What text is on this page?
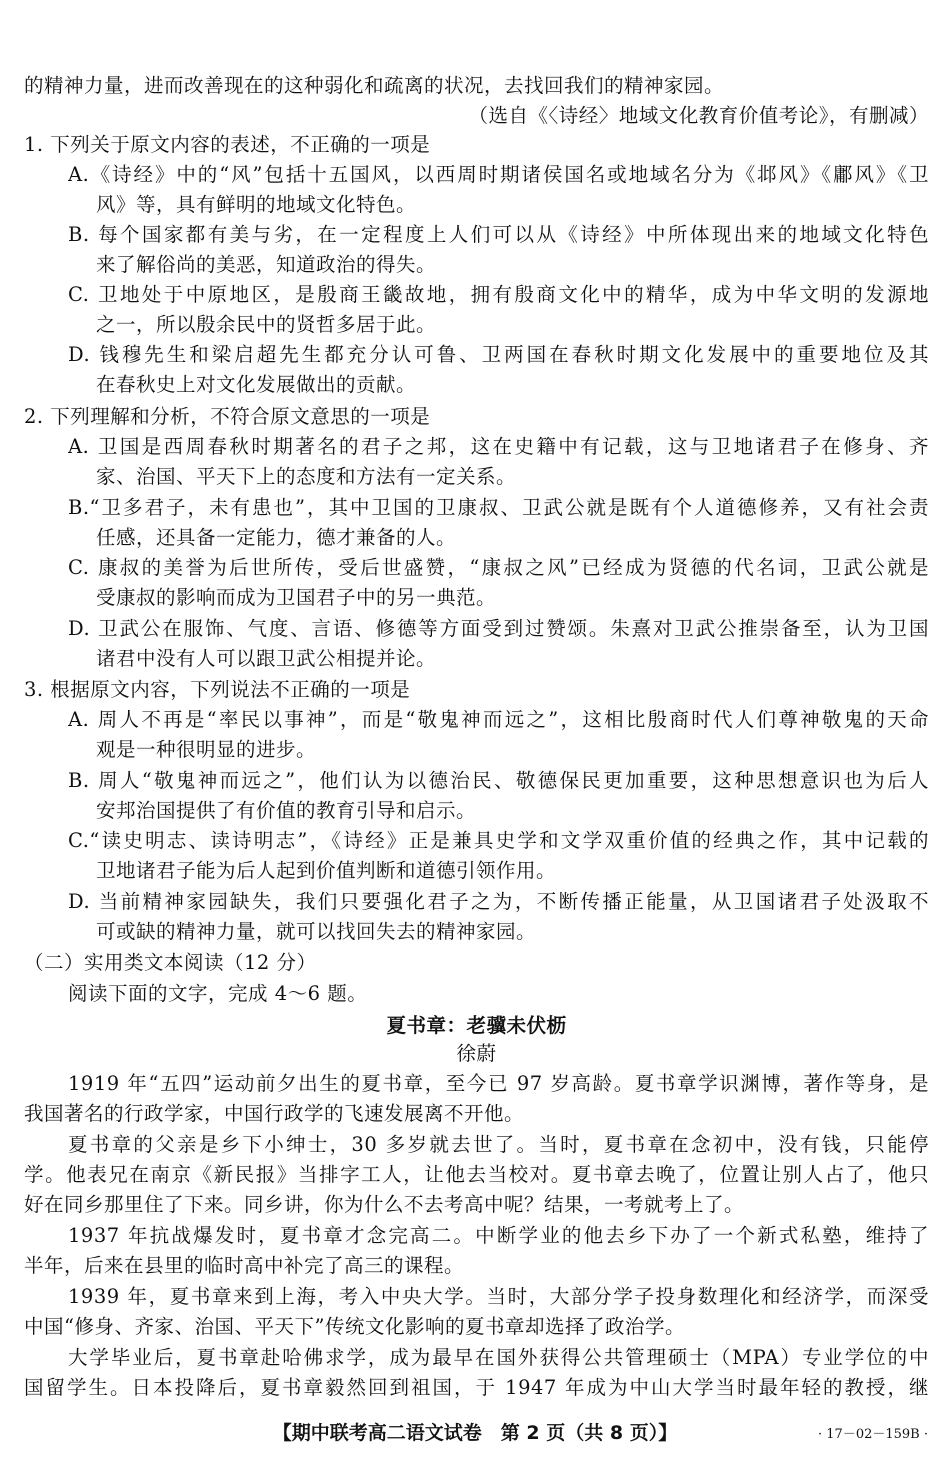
的精神力量，进而改善现在的这种弱化和疏离的状况，去找回我们的精神家园。
（选自《〈诗经〉地域文化教育价值考论》，有删减）
1. 下列关于原文内容的表述，不正确的一项是
A.《诗经》中的“风”包括十五国风，以西周时期诸侯国名或地域名分为《邶风》《鄘风》《卫
风》等，具有鲜明的地域文化特色。
B. 每个国家都有美与劣，在一定程度上人们可以从《诗经》中所体现出来的地域文化特色
来了解俗尚的美恶，知道政治的得失。
C. 卫地处于中原地区，是殷商王畿故地，拥有殷商文化中的精华，成为中华文明的发源地
之一，所以殷余民中的贤哲多居于此。
D. 钱穆先生和梁启超先生都充分认可鲁、卫两国在春秋时期文化发展中的重要地位及其
在春秋史上对文化发展做出的贡献。
2. 下列理解和分析，不符合原文意思的一项是
A. 卫国是西周春秋时期著名的君子之邦，这在史籍中有记载，这与卫地诸君子在修身、齐
家、治国、平天下上的态度和方法有一定关系。
B.“卫多君子，未有患也”，其中卫国的卫康叔、卫武公就是既有个人道德修养，又有社会责
任感，还具备一定能力，德才兼备的人。
C. 康叔的美誉为后世所传，受后世盛赞，“康叔之风”已经成为贤德的代名词，卫武公就是
受康叔的影响而成为卫国君子中的另一典范。
D. 卫武公在服饰、气度、言语、修德等方面受到过赞颂。朱熹对卫武公推崇备至，认为卫国
诸君中没有人可以跟卫武公相提并论。
3. 根据原文内容，下列说法不正确的一项是
A. 周人不再是“率民以事神”，而是“敬鬼神而远之”，这相比殷商时代人们尊神敬鬼的天命
观是一种很明显的进步。
B. 周人“敬鬼神而远之”，他们认为以德治民、敬德保民更加重要，这种思想意识也为后人
安邦治国提供了有价值的教育引导和启示。
C.“读史明志、读诗明志”，《诗经》正是兼具史学和文学双重价值的经典之作，其中记载的
卫地诸君子能为后人起到价值判断和道德引领作用。
D. 当前精神家园缺失，我们只要强化君子之为，不断传播正能量，从卫国诸君子处汲取不
可或缺的精神力量，就可以找回失去的精神家园。
（二）实用类文本阅读（12 分）
阅读下面的文字，完成 4～6 题。
夏书章：老骥未伏枥
徐蔚
1919 年“五四”运动前夕出生的夏书章，至今已 97 岁高龄。夏书章学识渊博，著作等身，是
我国著名的行政学家，中国行政学的飞速发展离不开他。
夏书章的父亲是乡下小绅士，30 多岁就去世了。当时，夏书章在念初中，没有钱，只能停
学。他表兄在南京《新民报》当排字工人，让他去当校对。夏书章去晚了，位置让别人占了，他只
好在同乡那里住了下来。同乡讲，你为什么不去考高中呢？结果，一考就考上了。
1937 年抗战爆发时，夏书章才念完高二。中断学业的他去乡下办了一个新式私塾，维持了
半年，后来在县里的临时高中补完了高三的课程。
1939 年，夏书章来到上海，考入中央大学。当时，大部分学子投身数理化和经济学，而深受
中国“修身、齐家、治国、平天下”传统文化影响的夏书章却选择了政治学。
大学毕业后，夏书章赴哈佛求学，成为最早在国外获得公共管理硕士（MPA）专业学位的中
国留学生。日本投降后，夏书章毅然回到祖国，于 1947 年成为中山大学当时最年轻的教授，继
【期中联考高二语文试卷　第 2 页（共 8 页）】	· 17－02－159B ·
